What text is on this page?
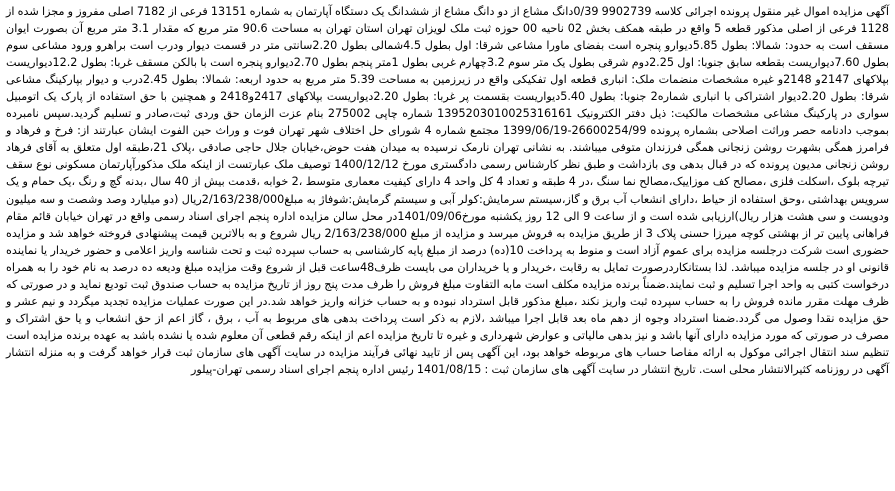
آگهی مزایده اموال غیر منقول پرونده اجرائی کلاسه 9902739 0/39دانگ مشاع از دو دانگ مشاع از ششدانگ یک دستگاه آپارتمان به شماره 13151 فرعی از 7182 اصلی مفروز و مجزا شده از 1128 فرعی از اصلی مذکور قطعه 5 واقع در طبقه همکف بخش 02 ناحیه 00 حوزه ثبت ملک لویزان تهران استان تهران به مساحت 90.6 متر مربع که مقدار 3.1 متر مربع آن بصورت ایوان مسقف است به حدود: شمالا: بطول 5.85دیوارو پنجره است بفضای ماورا مشاعی شرقا: اول بطول 4.5شمالی بطول 2.20سانتی متر در قسمت دیوار ودرب است براهرو ورود مشاعی سوم بطول 7.60دیواریست بقطعه سابق جنوبا: اول 2.25دوم شرقی بطول یک متر سوم 3.2چهارم غربی بطول 1متر پنجم بطول 2.70دیوارو پنجره است با بالکن مسقف غربا: بطول 12.2دیواریست بپلاکهای 2147و 2148و غیره مشخصات منضمات ملک: انباری قطعه اول تفکیکی واقع در زیرزمین به مساحت 5.39 متر مربع به حدود اربعه: شمالا: بطول 2.45درب و دیوار بپارکینگ مشاعی شرقا: بطول 2.20دیوار اشتراکی با انباری شماره2 جنوبا: بطول 5.40دیواریست بقسمت پر غربا: بطول 2.20دیواریست بپلاکهای 2417و2418 و همچنین با حق استفاده از پارک یک اتومبیل سواری در پارکینگ مشاعی مشخصات مالکیت: ذیل دفتر الکترونیک 1395203010025316161 شماره چاپی 275002 بنام عزت الزمان حق وردی ثبت،صادر و تسلیم گردید.سپس نامبرده بموجب دادنامه حصر وراثت اصلاحی بشماره پرونده 26600254/99-1399/06/19 مجتمع شماره 4 شورای حل اختلاف شهر تهران فوت و وراث حین الفوت ایشان عبارتند از: فرخ و فرهاد و فرامرز همگی بشهرت روشن زنجانی همگی فرزندان متوفی میباشند. به نشانی تهران نارمک نرسیده به میدان هفت حوض،خیابان جلال حاجی صادقی ،پلاک 21،طبقه اول متعلق به آقای فرهاد روشن زنجانی مدیون پرونده که در قبال بدهی وی بازداشت و طبق نظر کارشناس رسمی دادگستری مورخ 1400/12/12 توصیف ملک عبارتست از اینکه ملک مذکورآپارتمان مسکونی نوع سقف تیرچه بلوک ،اسکلت فلزی ،مصالح کف موزاییک،مصالح نما سنگ ،در 4 طبقه و تعداد 4 کل واحد 4 دارای کیفیت معماری متوسط ،2 خوابه ،قدمت بیش از 40 سال ،بدنه گچ و رنگ ،یک حمام و یک سرویس بهداشتی ،وحق استفاده از حیاط ،دارای انشعاب آب برق و گاز،سیستم سرمایش:کولر آبی و سیستم گرمایش:شوفاژ به مبلغ2/163/238/000ریال (دو میلیارد وصد وشصت و سه میلیون ودویست و سی هشت هزار ریال)ارزیابی شده است و از ساعت 9 الی 12 روز یکشنبه مورخ1401/09/06در محل سالن مزایده اداره پنجم اجرای اسناد رسمی واقع در تهران خیابان قائم مقام فراهانی پایین تر از بهشتی کوچه میرزا حسنی پلاک 3 از طریق مزایده به فروش میرسد و مزایده از مبلغ 2/163/238/000 ریال شروع و به بالاترین قیمت پیشنهادی فروخته خواهد شد و مزایده حضوری است شرکت درجلسه مزایده برای عموم آزاد است و منوط به پرداخت 10(ده) درصد از مبلغ پایه کارشناسی به حساب سپرده ثبت و تحت شناسه واریز اعلامی و حضور خریدار یا نماینده قانونی او در جلسه مزایده میباشد. لذا بستانکاردرصورت تمایل به رقابت ،خریدار و یا خریداران می بایست ظرف48ساعت قبل از شروع وقت مزایده مبلغ ودیعه ده درصد به نام خود را به همراه درخواست کتبی به واحد اجرا تسلیم و ثبت نمایند.ضمناً برنده مزایده مکلف است مابه التفاوت مبلغ فروش را ظرف مدت پنج روز از تاریخ مزایده به حساب صندوق ثبت تودیع نماید و در صورتی که ظرف مهلت مقرر مانده فروش را به حساب سپرده ثبت واریز نکند ،مبلغ مذکور قابل استرداد نبوده و به حساب خزانه واریز خواهد شد.در این صورت عملیات مزایده تجدید میگردد و نیم عشر و حق مزایده نقدا وصول می گردد.ضمنا استرداد وجوه از دهم ماه بعد قابل اجرا میباشد ،لازم به ذکر است پرداخت بدهی های مربوط به آب ، برق ، گاز اعم از حق انشعاب و یا حق اشتراک و مصرف در صورتی که مورد مزایده دارای آنها باشد و نیز بدهی مالیاتی و عوارض شهرداری و غیره تا تاریخ مزایده اعم از اینکه رقم قطعی آن معلوم شده یا نشده باشد به عهده برنده مزایده است تنظیم سند انتقال اجرائی موکول به ارائه مفاصا حساب های مربوطه خواهد بود، این آگهی پس از تایید نهائی فرآیند مزایده در سایت آگهی های سازمان ثبت قرار خواهد گرفت و به منزله انتشار آگهی در روزنامه کثیرالانتشار محلی است. تاریخ انتشار در سایت آگهی های سازمان ثبت : 1401/08/15 رئیس اداره پنجم اجرای اسناد رسمی تهران-پیلور
